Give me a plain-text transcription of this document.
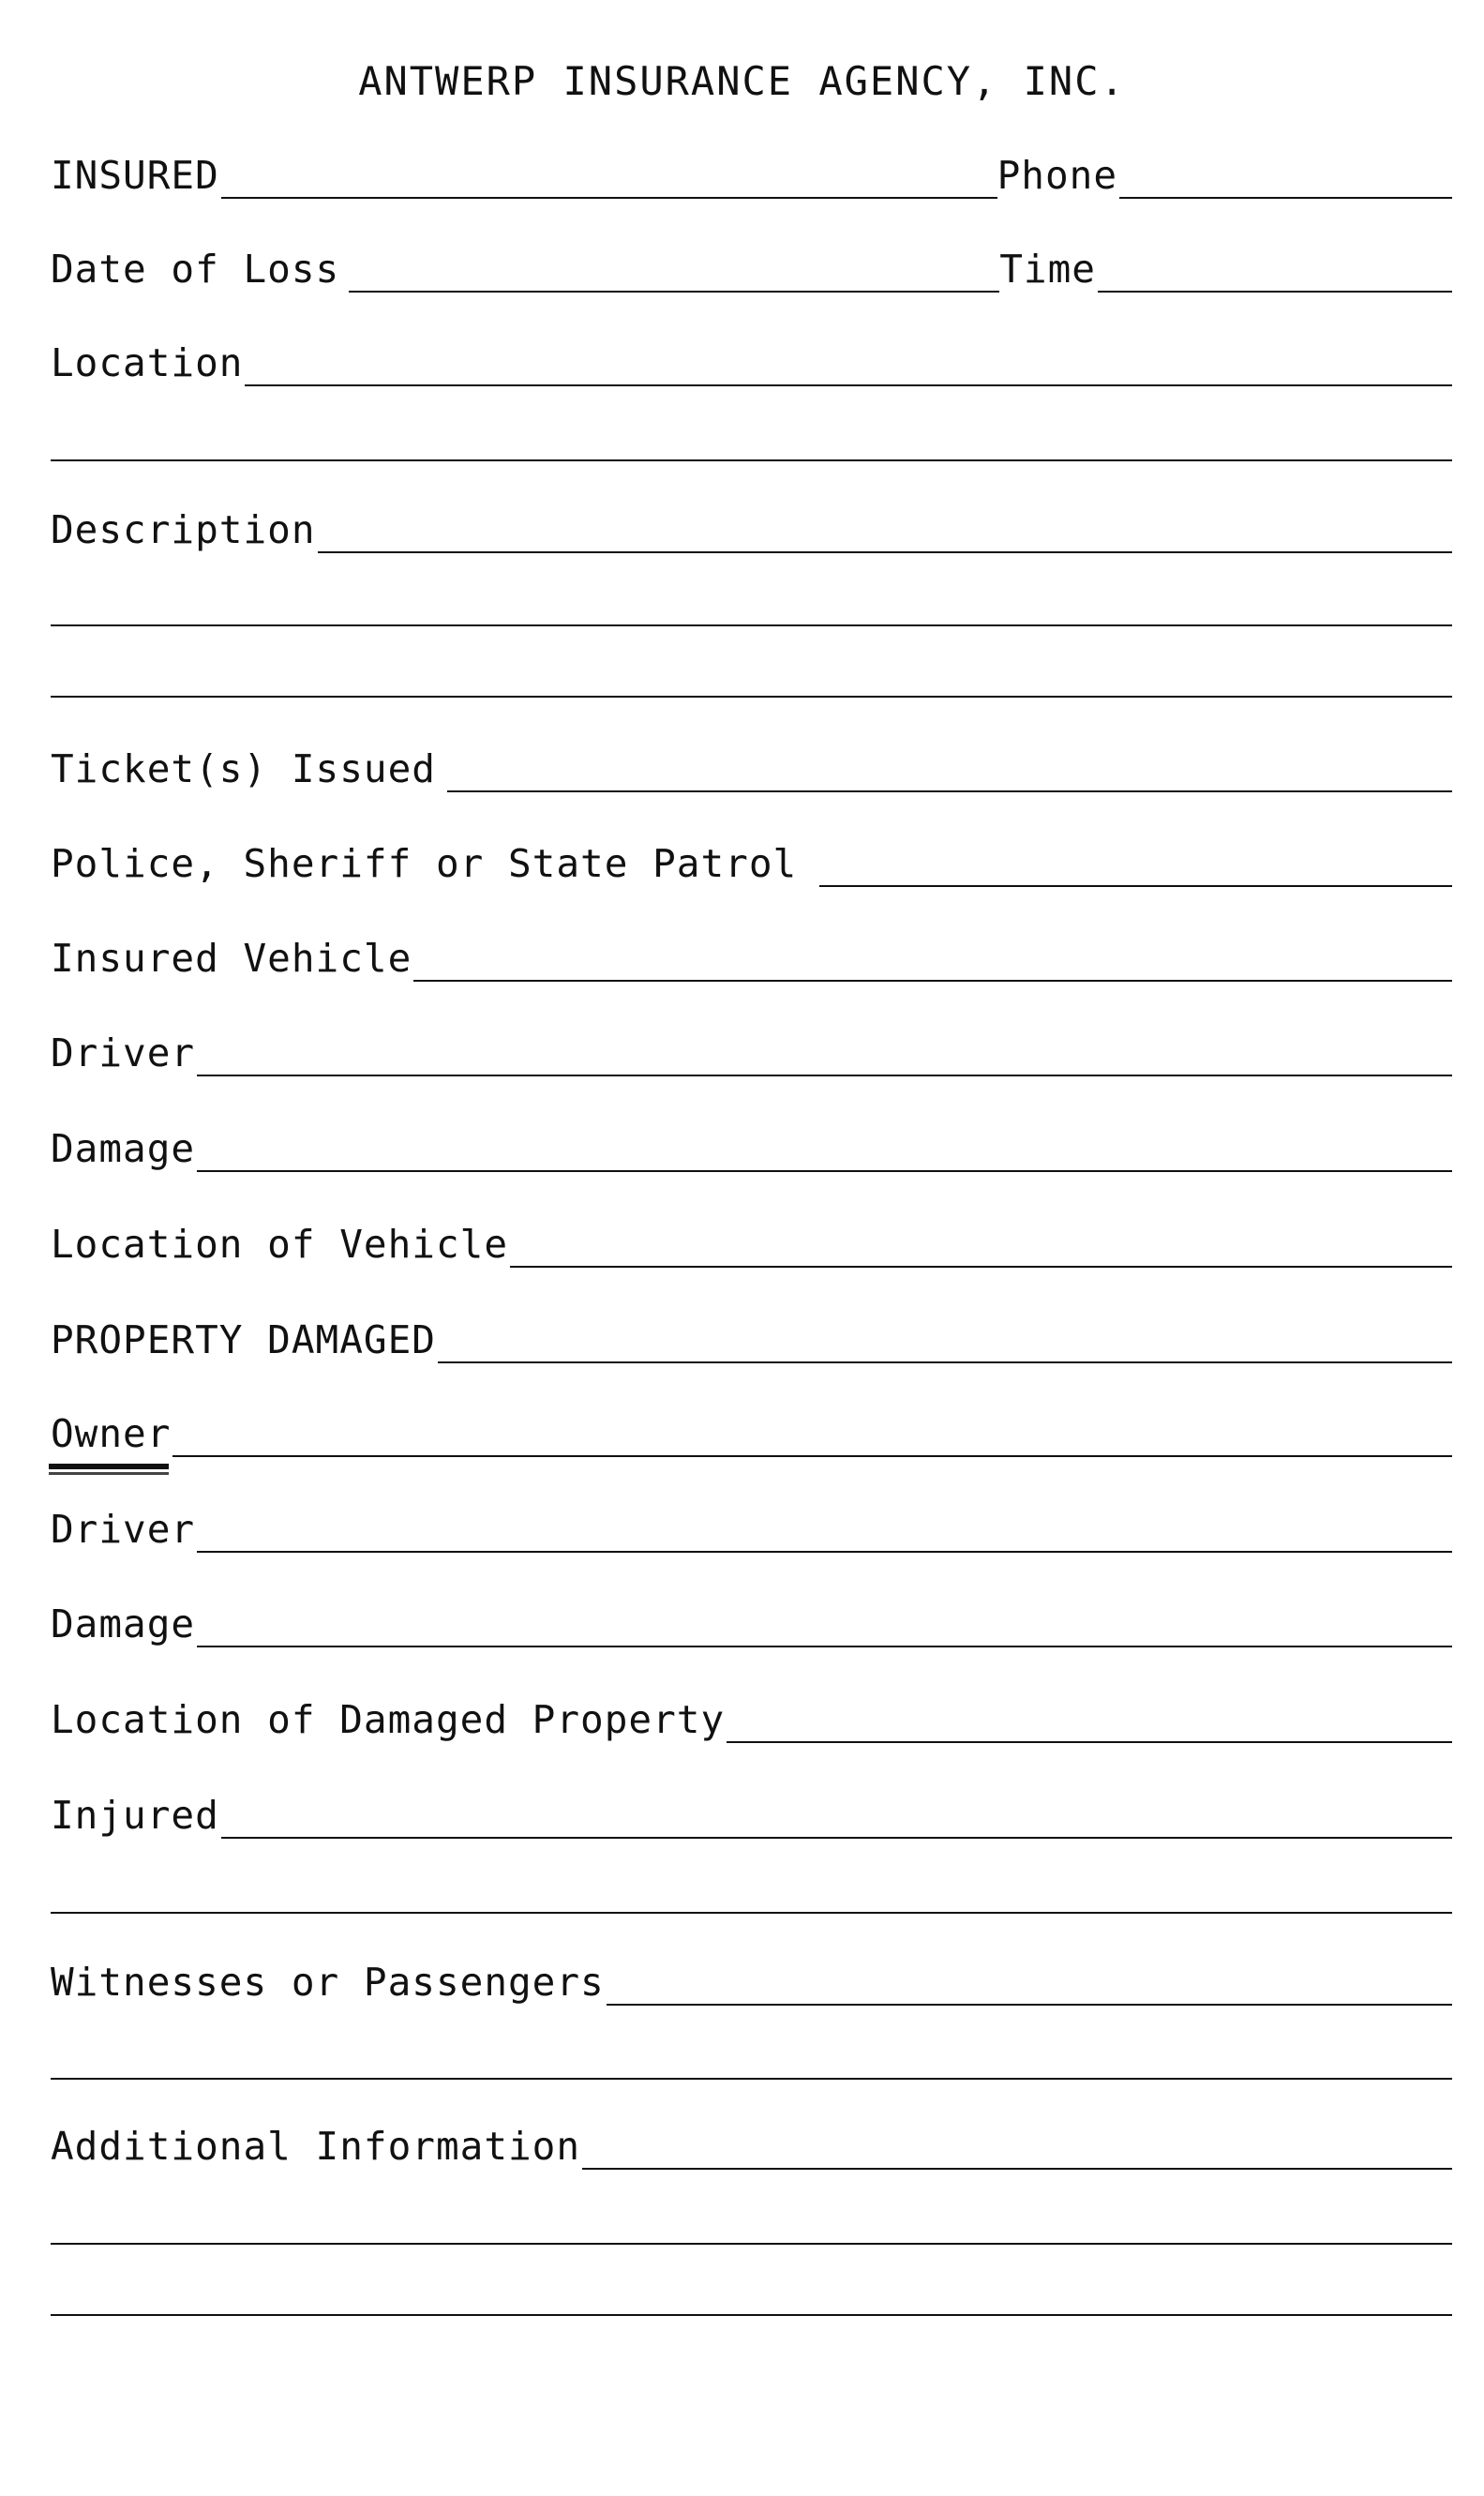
ANTWERP INSURANCE AGENCY, INC.
INSURED	Phone
Date of Loss	Time
Location
Description
Ticket(s) Issued
Police, Sheriff or State Patrol
Insured Vehicle
Driver
Damage
Location of Vehicle
PROPERTY DAMAGED
Owner
Driver
Damage
Location of Damaged Property
Injured
Witnesses or Passengers
Additional Information
